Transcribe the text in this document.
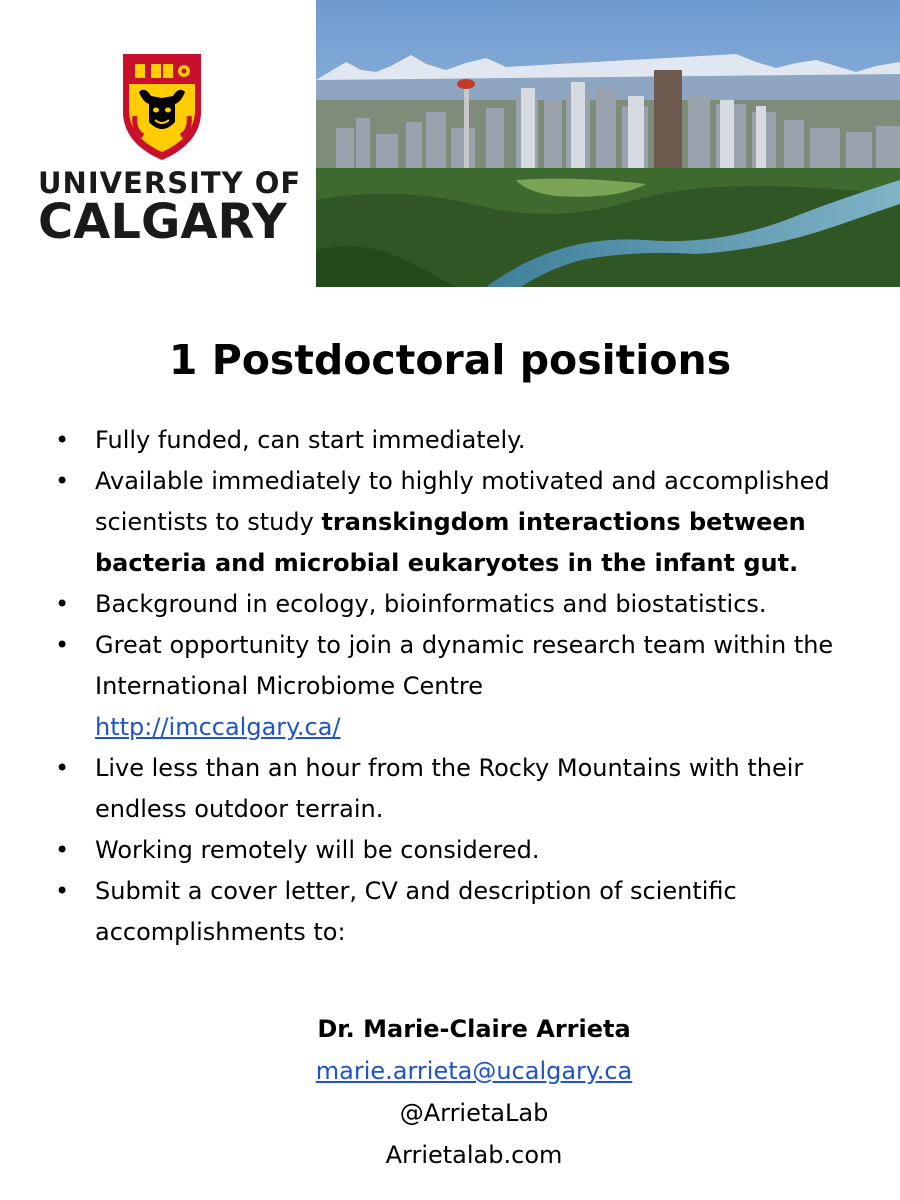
UNIVERSITY OF
CALGARY
1 Postdoctoral positions
• Fully funded, can start immediately.
• Available immediately to highly motivated and accomplished scientists to study transkingdom interactions between bacteria and microbial eukaryotes in the infant gut.
• Background in ecology, bioinformatics and biostatistics.
• Great opportunity to join a dynamic research team within the International Microbiome Centre
http://imccalgary.ca/
• Live less than an hour from the Rocky Mountains with their endless outdoor terrain.
• Working remotely will be considered.
• Submit a cover letter, CV and description of scientific accomplishments to:
Dr. Marie-Claire Arrieta
marie.arrieta@ucalgary.ca
@ArrietaLab
Arrietalab.com
